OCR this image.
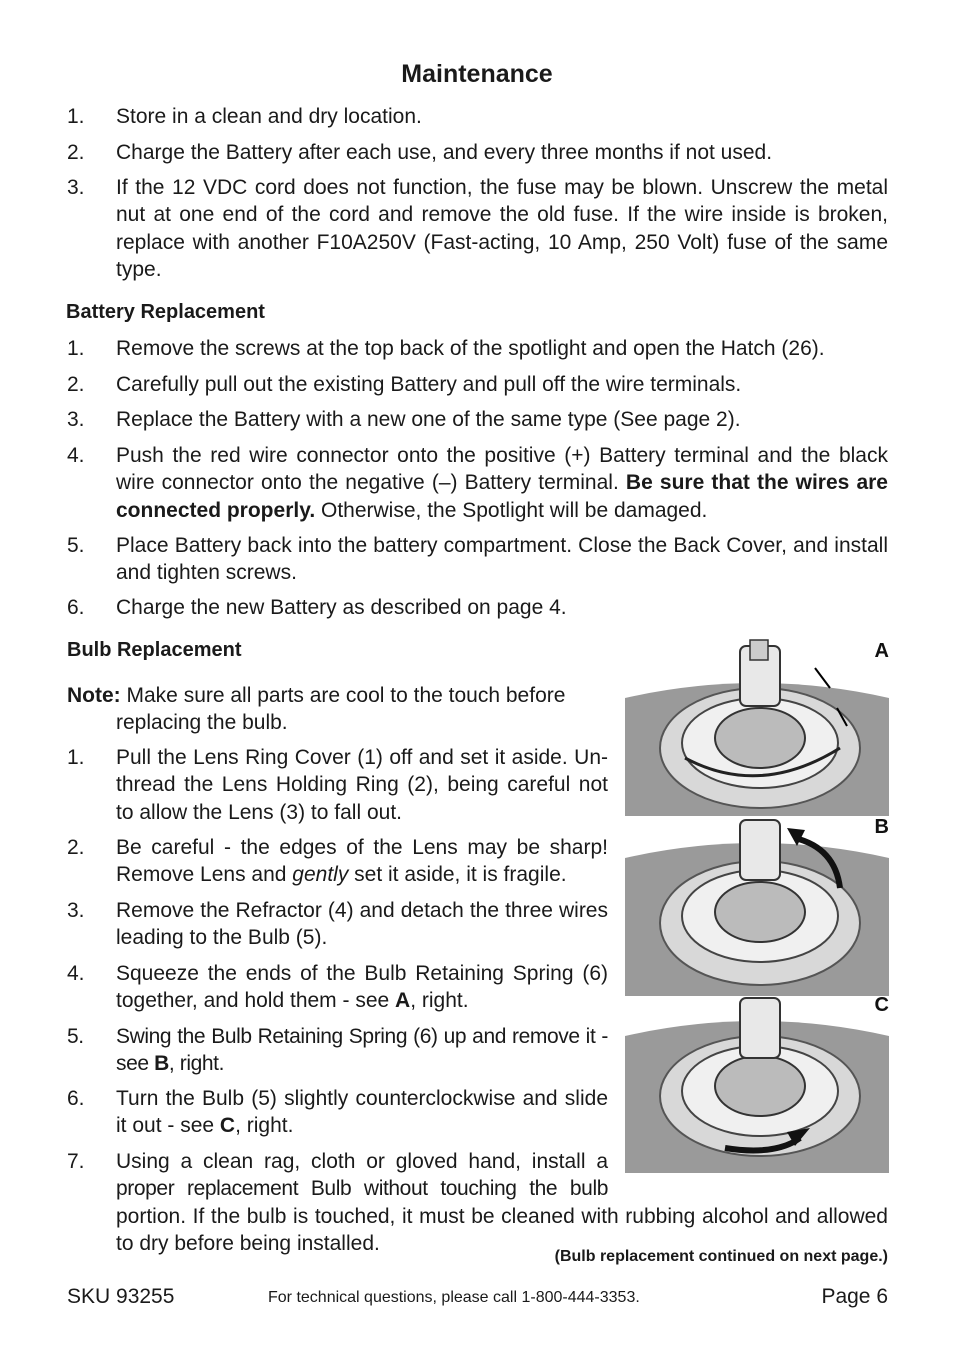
Maintenance
1. Store in a clean and dry location.
2. Charge the Battery after each use, and every three months if not used.
3. If the 12 VDC cord does not function, the fuse may be blown. Unscrew the metal nut at one end of the cord and remove the old fuse. If the wire inside is broken, replace with another F10A250V (Fast-acting, 10 Amp, 250 Volt) fuse of the same type.
Battery Replacement
1. Remove the screws at the top back of the spotlight and open the Hatch (26).
2. Carefully pull out the existing Battery and pull off the wire terminals.
3. Replace the Battery with a new one of the same type (See page 2).
4. Push the red wire connector onto the positive (+) Battery terminal and the black wire connector onto the negative (–) Battery terminal. Be sure that the wires are connected properly. Otherwise, the Spotlight will be damaged.
5. Place Battery back into the battery compartment. Close the Back Cover, and install and tighten screws.
6. Charge the new Battery as described on page 4.
Bulb Replacement
Note: Make sure all parts are cool to the touch before
replacing the bulb.
1. Pull the Lens Ring Cover (1) off and set it aside. Un-thread the Lens Holding Ring (2), being careful not to allow the Lens (3) to fall out.
2. Be careful - the edges of the Lens may be sharp! Remove Lens and gently set it aside, it is fragile.
3. Remove the Refractor (4) and detach the three wires leading to the Bulb (5).
4. Squeeze the ends of the Bulb Retaining Spring (6) together, and hold them - see A, right.
5. Swing the Bulb Retaining Spring (6) up and remove it - see B, right.
6. Turn the Bulb (5) slightly counterclockwise and slide it out - see C, right.
7. Using a clean rag, cloth or gloved hand, install a
proper replacement Bulb without touching the bulb
portion. If the bulb is touched, it must be cleaned with rubbing alcohol and allowed to dry before being installed.
A
B
C
(Bulb replacement continued on next page.)
SKU 93255	For technical questions, please call 1-800-444-3353.	Page 6
